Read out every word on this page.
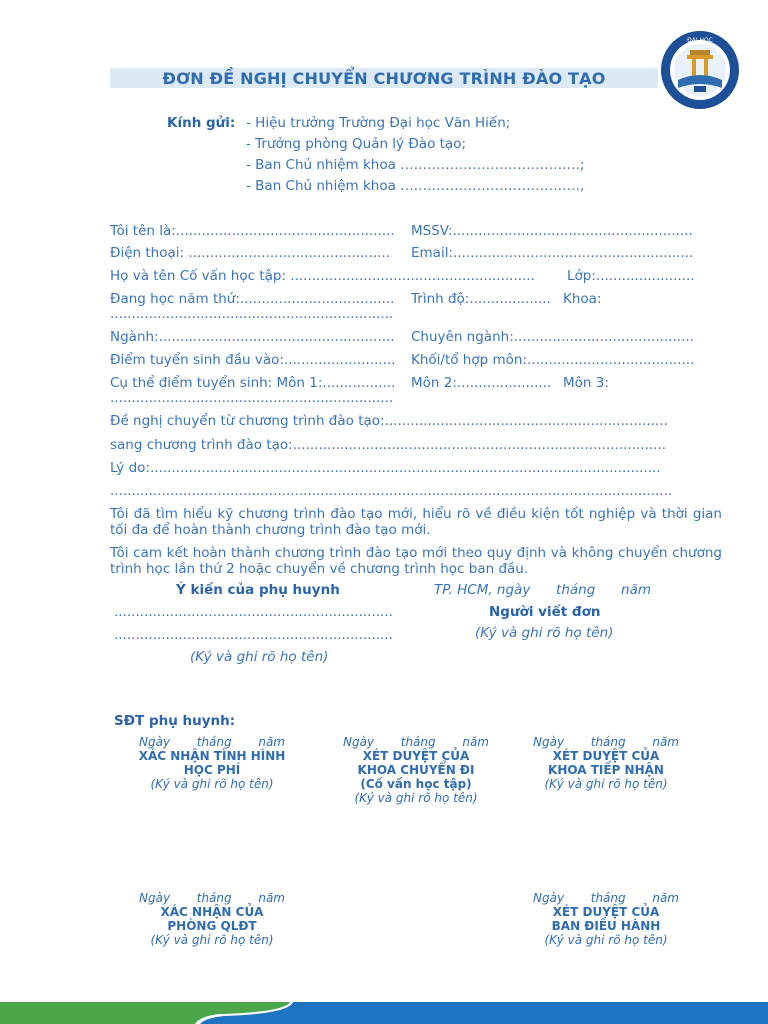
ĐẠI HỌC
ĐƠN ĐỀ NGHỊ CHUYỂN CHƯƠNG TRÌNH ĐÀO TẠO
Kính gửi: - Hiệu trưởng Trường Đại học Văn Hiến;
- Trưởng phòng Quản lý Đào tạo;
- Ban Chủ nhiệm khoa ……………………………….…;
- Ban Chủ nhiệm khoa ………………………………….,
Tôi tên là:................................................... MSSV:........................................................
Điện thoại: ............................................... Email:........................................................
Họ và tên Cố vấn học tập: ......................................................... Lớp:.......................
Đang học năm thứ:.................................... Trình độ:................... Khoa:
..................................................................
Ngành:....................................................... Chuyên ngành:..........................................
Điểm tuyển sinh đầu vào:.......................... Khối/tổ hợp môn:.......................................
Cụ thể điểm tuyển sinh: Môn 1:................. Môn 2:...................... Môn 3:
..................................................................
Đề nghị chuyển từ chương trình đào tạo:..................................................................
sang chương trình đào tạo:.......................................................................................
Lý do:.......................................................................................................................
...................................................................................................................................
Tôi đã tìm hiểu kỹ chương trình đào tạo mới, hiểu rõ về điều kiện tốt nghiệp và thời gian tối đa để hoàn thành chương trình đào tạo mới.
Tôi cam kết hoàn thành chương trình đào tạo mới theo quy định và không chuyển chương trình học lần thứ 2 hoặc chuyển về chương trình học ban đầu.
Ý kiến của phụ huynh
.................................................................
.................................................................
(Ký và ghi rõ họ tên)
TP. HCM, ngày      tháng      năm
Người viết đơn
(Ký và ghi rõ họ tên)
SĐT phụ huynh:
Ngày       tháng       năm
XÁC NHẬN TÌNH HÌNH
HỌC PHÍ
(Ký và ghi rõ họ tên)
Ngày       tháng       năm
XÉT DUYỆT CỦA
KHOA CHUYỂN ĐI
(Cố vấn học tập)
(Ký và ghi rõ họ tên)
Ngày       tháng       năm
XÉT DUYỆT CỦA
KHOA TIẾP NHẬN
(Ký và ghi rõ họ tên)
Ngày       tháng       năm
XÁC NHẬN CỦA
PHÒNG QLĐT
(Ký và ghi rõ họ tên)
Ngày       tháng       năm
XÉT DUYỆT CỦA
BAN ĐIỀU HÀNH
(Ký và ghi rõ họ tên)
